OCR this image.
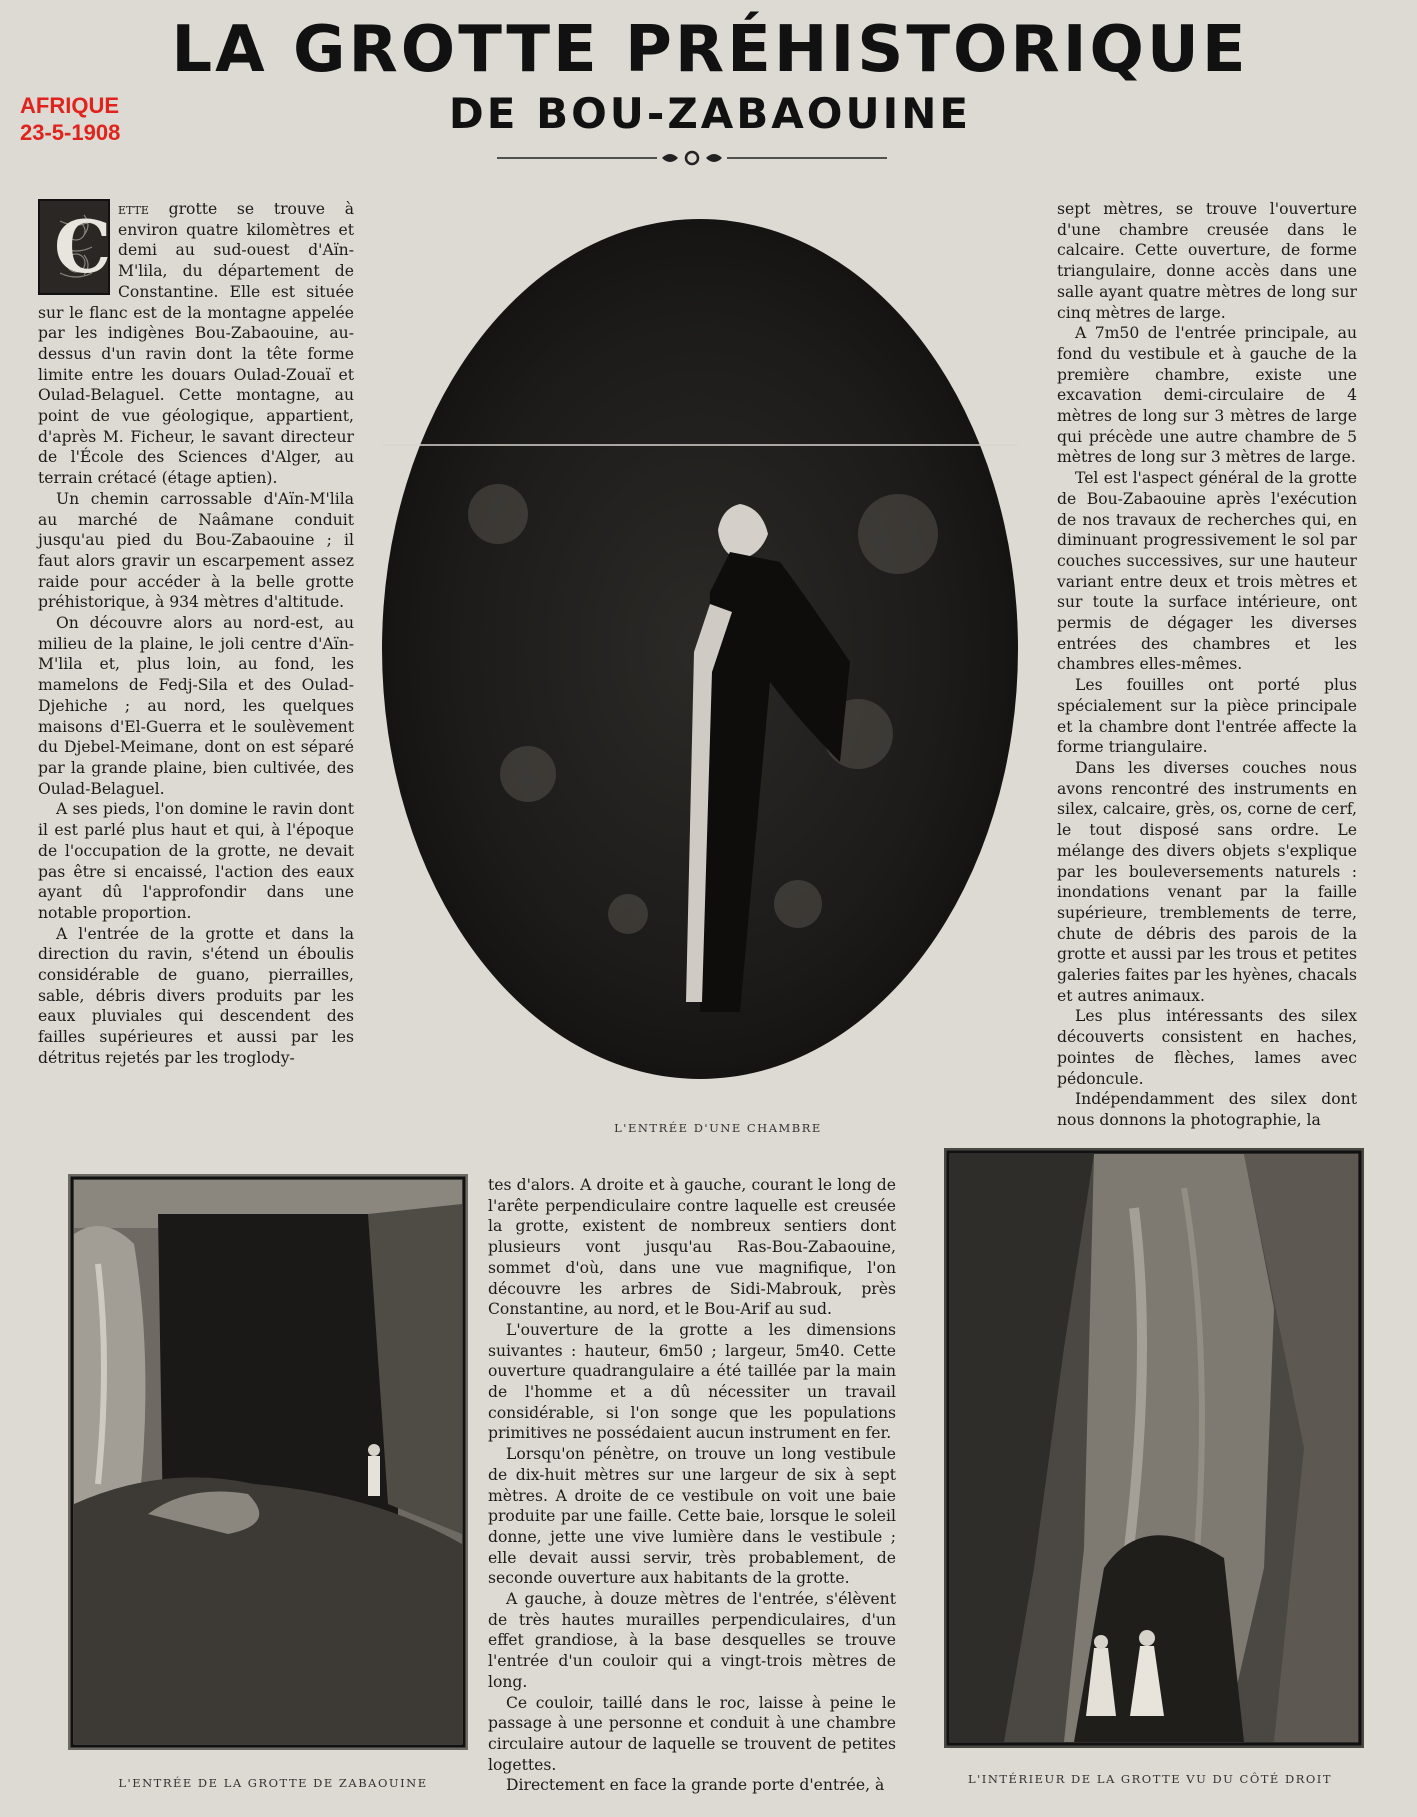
LA GROTTE PRÉHISTORIQUE
DE BOU-ZABAOUINE
AFRIQUE
23-5-1908

C ette grotte se trouve à environ quatre kilomètres et demi au sud-ouest d'Aïn-M'lila, du département de Constantine. Elle est située sur le flanc est de la montagne appelée par les indigènes Bou-Zabaouine, au-dessus d'un ravin dont la tête forme limite entre les douars Oulad-Zouaï et Oulad-Belaguel. Cette montagne, au point de vue géologique, appartient, d'après M. Ficheur, le savant directeur de l'École des Sciences d'Alger, au terrain crétacé (étage aptien).

Un chemin carrossable d'Aïn-M'lila au marché de Naâmane conduit jusqu'au pied du Bou-Zabaouine ; il faut alors gravir un escarpement assez raide pour accéder à la belle grotte préhistorique, à 934 mètres d'altitude.

On découvre alors au nord-est, au milieu de la plaine, le joli centre d'Aïn-M'lila et, plus loin, au fond, les mamelons de Fedj-Sila et des Oulad-Djehiche ; au nord, les quelques maisons d'El-Guerra et le soulèvement du Djebel-Meimane, dont on est séparé par la grande plaine, bien cultivée, des Oulad-Belaguel.

A ses pieds, l'on domine le ravin dont il est parlé plus haut et qui, à l'époque de l'occupation de la grotte, ne devait pas être si encaissé, l'action des eaux ayant dû l'approfondir dans une notable proportion.

A l'entrée de la grotte et dans la direction du ravin, s'étend un éboulis considérable de guano, pierrailles, sable, débris divers produits par les eaux pluviales qui descendent des failles supérieures et aussi par les détritus rejetés par les troglody-

sept mètres, se trouve l'ouverture d'une chambre creusée dans le calcaire. Cette ouverture, de forme triangulaire, donne accès dans une salle ayant quatre mètres de long sur cinq mètres de large.

A 7m50 de l'entrée principale, au fond du vestibule et à gauche de la première chambre, existe une excavation demi-circulaire de 4 mètres de long sur 3 mètres de large qui précède une autre chambre de 5 mètres de long sur 3 mètres de large.

Tel est l'aspect général de la grotte de Bou-Zabaouine après l'exécution de nos travaux de recherches qui, en diminuant progressivement le sol par couches successives, sur une hauteur variant entre deux et trois mètres et sur toute la surface intérieure, ont permis de dégager les diverses entrées des chambres et les chambres elles-mêmes.

Les fouilles ont porté plus spécialement sur la pièce principale et la chambre dont l'entrée affecte la forme triangulaire.

Dans les diverses couches nous avons rencontré des instruments en silex, calcaire, grès, os, corne de cerf, le tout disposé sans ordre. Le mélange des divers objets s'explique par les bouleversements naturels : inondations venant par la faille supérieure, tremblements de terre, chute de débris des parois de la grotte et aussi par les trous et petites galeries faites par les hyènes, chacals et autres animaux.

Les plus intéressants des silex découverts consistent en haches, pointes de flèches, lames avec pédoncule.

Indépendamment des silex dont nous donnons la photographie, la

L'ENTRÉE D'UNE CHAMBRE
L'ENTRÉE DE LA GROTTE DE ZABAOUINE

tes d'alors. A droite et à gauche, courant le long de l'arête perpendiculaire contre laquelle est creusée la grotte, existent de nombreux sentiers dont plusieurs vont jusqu'au Ras-Bou-Zabaouine, sommet d'où, dans une vue magnifique, l'on découvre les arbres de Sidi-Mabrouk, près Constantine, au nord, et le Bou-Arif au sud.

L'ouverture de la grotte a les dimensions suivantes : hauteur, 6m50 ; largeur, 5m40. Cette ouverture quadrangulaire a été taillée par la main de l'homme et a dû nécessiter un travail considérable, si l'on songe que les populations primitives ne possédaient aucun instrument en fer.

Lorsqu'on pénètre, on trouve un long vestibule de dix-huit mètres sur une largeur de six à sept mètres. A droite de ce vestibule on voit une baie produite par une faille. Cette baie, lorsque le soleil donne, jette une vive lumière dans le vestibule ; elle devait aussi servir, très probablement, de seconde ouverture aux habitants de la grotte.

A gauche, à douze mètres de l'entrée, s'élèvent de très hautes murailles perpendiculaires, d'un effet grandiose, à la base desquelles se trouve l'entrée d'un couloir qui a vingt-trois mètres de long.

Ce couloir, taillé dans le roc, laisse à peine le passage à une personne et conduit à une chambre circulaire autour de laquelle se trouvent de petites logettes.

Directement en face la grande porte d'entrée, à	L'INTÉRIEUR DE LA GROTTE VU DU CÔTÉ DROIT
